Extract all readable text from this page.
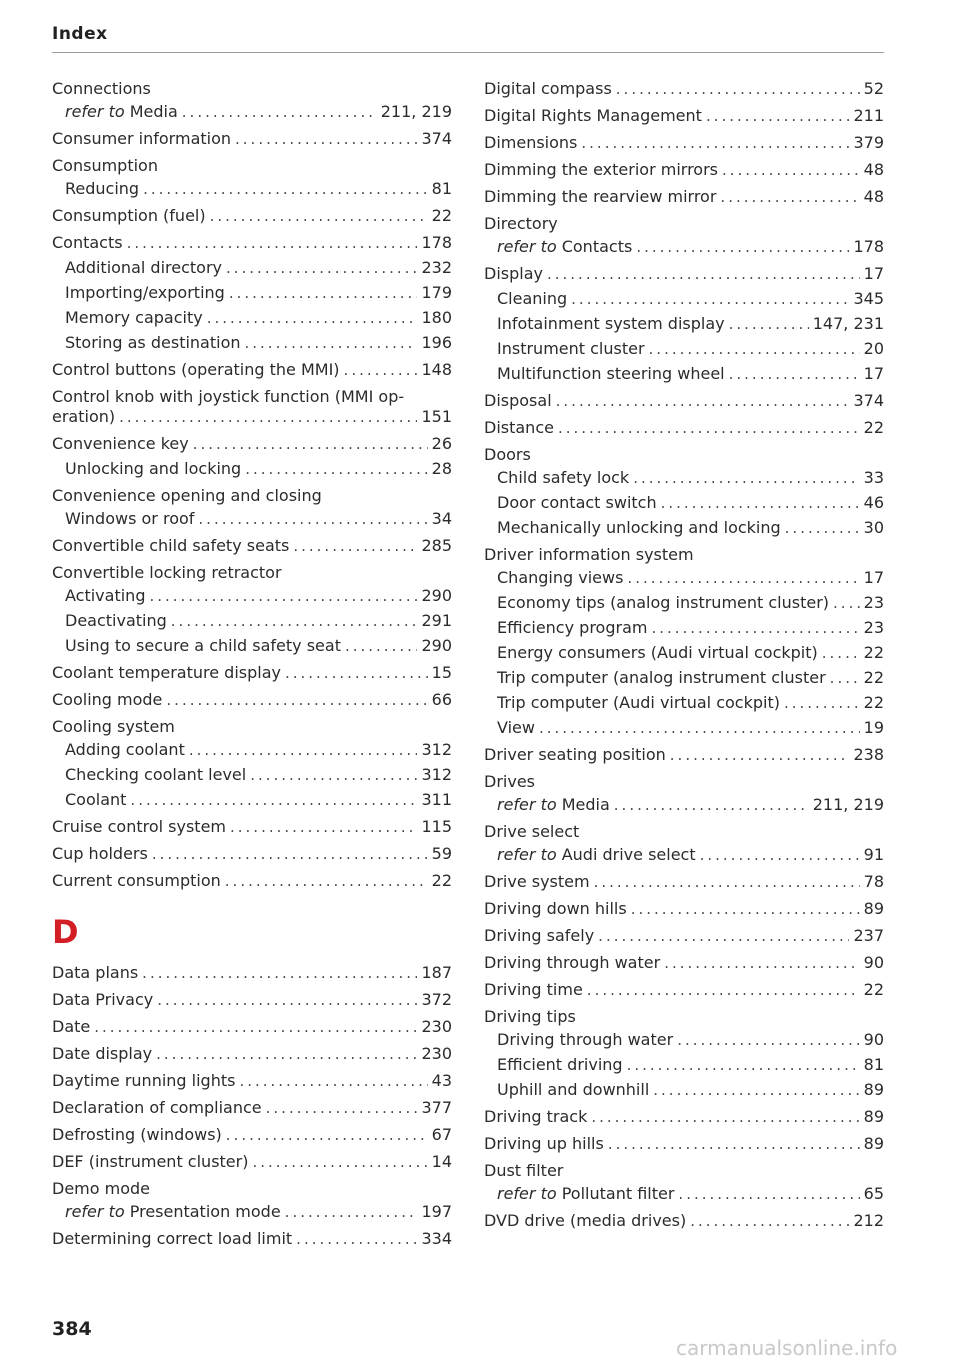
Index
Connections
refer to Media .....	211, 219
Consumer information .....	374
Consumption
Reducing .....	81
Consumption (fuel) .....	22
Contacts .....	178
Additional directory .....	232
Importing/exporting .....	179
Memory capacity .....	180
Storing as destination .....	196
Control buttons (operating the MMI) .....	148
Control knob with joystick function (MMI op-
eration) .....	151
Convenience key .....	26
Unlocking and locking .....	28
Convenience opening and closing
Windows or roof .....	34
Convertible child safety seats .....	285
Convertible locking retractor
Activating .....	290
Deactivating .....	291
Using to secure a child safety seat .....	290
Coolant temperature display .....	15
Cooling mode .....	66
Cooling system
Adding coolant .....	312
Checking coolant level .....	312
Coolant .....	311
Cruise control system .....	115
Cup holders .....	59
Current consumption .....	22
D
Data plans .....	187
Data Privacy .....	372
Date .....	230
Date display .....	230
Daytime running lights .....	43
Declaration of compliance .....	377
Defrosting (windows) .....	67
DEF (instrument cluster) .....	14
Demo mode
refer to Presentation mode .....	197
Determining correct load limit .....	334
Digital compass .....	52
Digital Rights Management .....	211
Dimensions .....	379
Dimming the exterior mirrors .....	48
Dimming the rearview mirror .....	48
Directory
refer to Contacts .....	178
Display .....	17
Cleaning .....	345
Infotainment system display .....	147, 231
Instrument cluster .....	20
Multifunction steering wheel .....	17
Disposal .....	374
Distance .....	22
Doors
Child safety lock .....	33
Door contact switch .....	46
Mechanically unlocking and locking .....	30
Driver information system
Changing views .....	17
Economy tips (analog instrument cluster) ..... 23
Efficiency program .....	23
Energy consumers (Audi virtual cockpit) .....	22
Trip computer (analog instrument cluster ..... 22
Trip computer (Audi virtual cockpit) .....	22
View .....	19
Driver seating position .....	238
Drives
refer to Media .....	211, 219
Drive select
refer to Audi drive select .....	91
Drive system .....	78
Driving down hills .....	89
Driving safely .....	237
Driving through water .....	90
Driving time .....	22
Driving tips
Driving through water .....	90
Efficient driving .....	81
Uphill and downhill .....	89
Driving track .....	89
Driving up hills .....	89
Dust filter
refer to Pollutant filter .....	65
DVD drive (media drives) .....	212
384
carmanualsonline.info
